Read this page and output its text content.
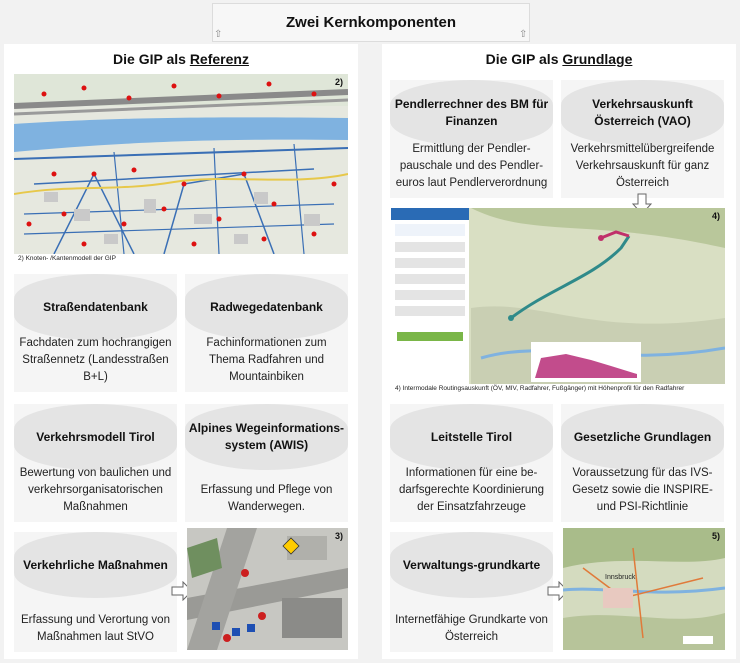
Zwei Kernkomponenten
⇧	⇧
Die GIP als Referenz
2)
2) Knoten- /Kantenmodell der GIP
Straßendatenbank
Fachdaten zum hochrangigen Straßennetz (Landesstraßen B+L)
Radwegedatenbank
Fachinformationen zum Thema Radfahren und Mountainbiken
Verkehrsmodell Tirol
Bewertung von baulichen und verkehrsorganisatorischen Maßnahmen
Alpines Wegeinformations-system (AWIS)
Erfassung und Pflege von Wanderwegen.
Verkehrliche Maßnahmen
Erfassung und Verortung von Maßnahmen laut StVO
3)
Die GIP als Grundlage
Pendlerrechner des BM für Finanzen
Ermittlung der Pendler-pauschale und des Pendler-euros laut Pendlerverordnung
Verkehrsauskunft Österreich (VAO)
Verkehrsmittelübergreifende Verkehrsauskunft für ganz Österreich
4)
4) Intermodale Routingsauskunft (ÖV, MIV, Radfahrer, Fußgänger) mit Höhenprofil für den Radfahrer
Leitstelle Tirol
Informationen für eine be-darfsgerechte Koordinierung der Einsatzfahrzeuge
Gesetzliche Grundlagen
Voraussetzung für das IVS-Gesetz sowie die INSPIRE- und PSI-Richtlinie
Verwaltungs-grundkarte
Internetfähige Grundkarte von Österreich
5)
Innsbruck
